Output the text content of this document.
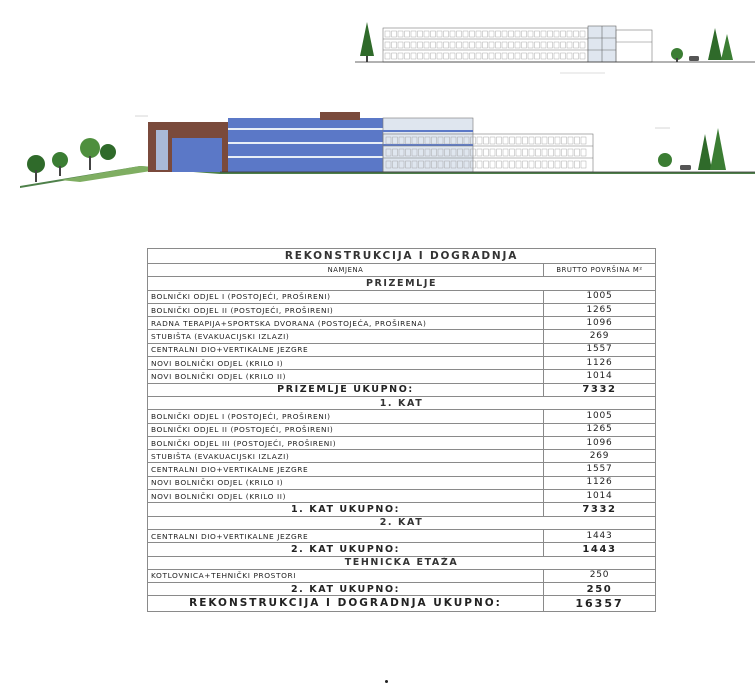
REKONSTRUKCIJA I DOGRADNJA	
NAMJENA	BRUTTO POVRŠINA M²
PRIZEMLJE	
BOLNIČKI ODJEL I (POSTOJEĆI, PROŠIRENI)	1005
BOLNIČKI ODJEL II (POSTOJEĆI, PROŠIRENI)	1265
RADNA TERAPIJA+SPORTSKA DVORANA (POSTOJEĆA, PROŠIRENA)	1096
STUBIŠTA (EVAKUACIJSKI IZLAZI)	269
CENTRALNI DIO+VERTIKALNE JEZGRE	1557
NOVI BOLNIČKI ODJEL (KRILO I)	1126
NOVI BOLNIČKI ODJEL (KRILO II)	1014
PRIZEMLJE UKUPNO:	7332
1. KAT	
BOLNIČKI ODJEL I (POSTOJEĆI, PROŠIRENI)	1005
BOLNIČKI ODJEL II (POSTOJEĆI, PROŠIRENI)	1265
BOLNIČKI ODJEL III (POSTOJEĆI, PROŠIRENI)	1096
STUBIŠTA (EVAKUACIJSKI IZLAZI)	269
CENTRALNI DIO+VERTIKALNE JEZGRE	1557
NOVI BOLNIČKI ODJEL (KRILO I)	1126
NOVI BOLNIČKI ODJEL (KRILO II)	1014
1. KAT UKUPNO:	7332
2. KAT	
CENTRALNI DIO+VERTIKALNE JEZGRE	1443
2. KAT UKUPNO:	1443
TEHNIČKA ETAŽA	
KOTLOVNICA+TEHNIČKI PROSTORI	250
2. KAT UKUPNO:	250
REKONSTRUKCIJA I DOGRADNJA UKUPNO:	16357
